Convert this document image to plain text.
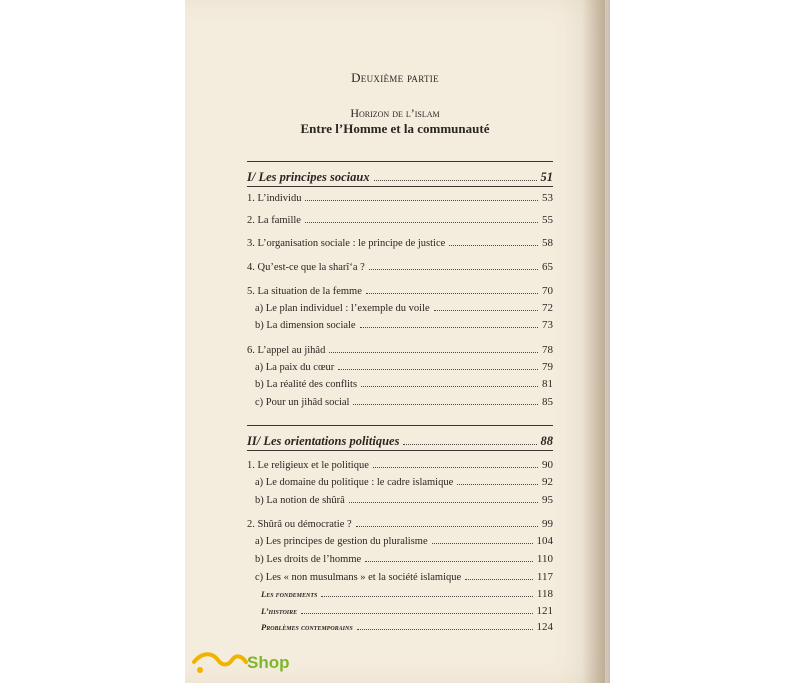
Deuxième partie
Horizon de l’islam
Entre l’Homme et la communauté
I/ Les principes sociaux	51
1. L’individu	53
2. La famille	55
3. L’organisation sociale : le principe de justice	58
4. Qu’est-ce que la sharî‘a ?	65
5. La situation de la femme	70
a) Le plan individuel : l’exemple du voile	72
b) La dimension sociale	73
6. L’appel au jihâd	78
a) La paix du cœur	79
b) La réalité des conflits	81
c) Pour un jihâd social	85
II/ Les orientations politiques	88
1. Le religieux et le politique	90
a) Le domaine du politique : le cadre islamique	92
b) La notion de shûrâ	95
2. Shûrâ ou démocratie ?	99
a) Les principes de gestion du pluralisme	104
b) Les droits de l’homme	110
c) Les « non musulmans » et la société islamique	117
Les fondements	118
L’histoire	121
Problèmes contemporains	124
Shop
